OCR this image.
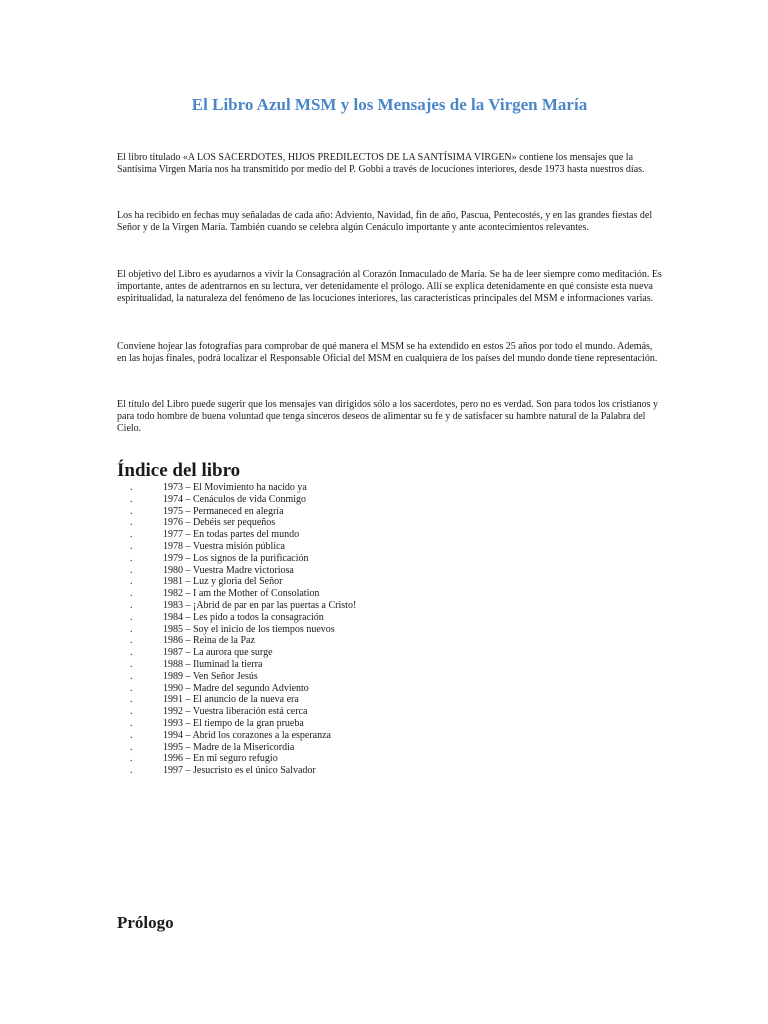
El Libro Azul MSM y los Mensajes de la Virgen María

El libro titulado «A LOS SACERDOTES, HIJOS PREDILECTOS DE LA SANTÍSIMA VIRGEN» contiene los mensajes que la Santísima Virgen María nos ha transmitido por medio del P. Gobbi a través de locuciones interiores, desde 1973 hasta nuestros días.

Los ha recibido en fechas muy señaladas de cada año: Adviento, Navidad, fin de año, Pascua, Pentecostés, y en las grandes fiestas del Señor y de la Virgen María. También cuando se celebra algún Cenáculo importante y ante acontecimientos relevantes.

El objetivo del Libro es ayudarnos a vivir la Consagración al Corazón Inmaculado de María. Se ha de leer siempre como meditación. Es importante, antes de adentrarnos en su lectura, ver detenidamente el prólogo. Allí se explica detenidamente en qué consiste esta nueva espiritualidad, la naturaleza del fenómeno de las locuciones interiores, las características principales del MSM e informaciones varias.

Conviene hojear las fotografías para comprobar de qué manera el MSM se ha extendido en estos 25 años por todo el mundo. Además, en las hojas finales, podrá localizar el Responsable Oficial del MSM en cualquiera de los países del mundo donde tiene representación.

El título del Libro puede sugerir que los mensajes van dirigidos sólo a los sacerdotes, pero no es verdad. Son para todos los cristianos y para todo hombre de buena voluntad que tenga sinceros deseos de alimentar su fe y de satisfacer su hambre natural de la Palabra del Cielo.

Índice del libro
.	1973 – El Movimiento ha nacido ya
.	1974 – Cenáculos de vida Conmigo
.	1975 – Permaneced en alegría
.	1976 – Debéis ser pequeños
.	1977 – En todas partes del mundo
.	1978 – Vuestra misión pública
.	1979 – Los signos de la purificación
.	1980 – Vuestra Madre victoriosa
.	1981 – Luz y gloria del Señor
.	1982 – I am the Mother of Consolation
.	1983 – ¡Abrid de par en par las puertas a Cristo!
.	1984 – Les pido a todos la consagración
.	1985 – Soy el inicio de los tiempos nuevos
.	1986 – Reina de la Paz
.	1987 – La aurora que surge
.	1988 – Iluminad la tierra
.	1989 – Ven Señor Jesús
.	1990 – Madre del segundo Adviento
.	1991 – El anuncio de la nueva era
.	1992 – Vuestra liberación está cerca
.	1993 – El tiempo de la gran prueba
.	1994 – Abrid los corazones a la esperanza
.	1995 – Madre de la Misericordia
.	1996 – En mi seguro refugio
.	1997 – Jesucristo es el único Salvador
Prólogo
